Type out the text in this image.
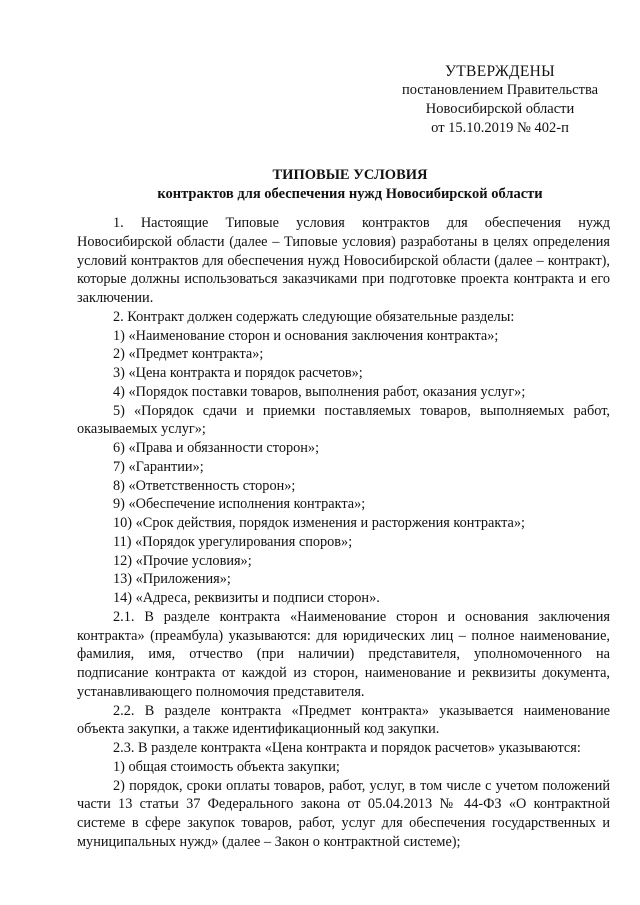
УТВЕРЖДЕНЫ
постановлением Правительства
Новосибирской области
от 15.10.2019 № 402-п
ТИПОВЫЕ УСЛОВИЯ
контрактов для обеспечения нужд Новосибирской области

1. Настоящие Типовые условия контрактов для обеспечения нужд Новосибирской области (далее – Типовые условия) разработаны в целях определения условий контрактов для обеспечения нужд Новосибирской области (далее – контракт), которые должны использоваться заказчиками при подготовке проекта контракта и его заключении.

2. Контракт должен содержать следующие обязательные разделы:

1) «Наименование сторон и основания заключения контракта»;

2) «Предмет контракта»;

3) «Цена контракта и порядок расчетов»;

4) «Порядок поставки товаров, выполнения работ, оказания услуг»;

5) «Порядок сдачи и приемки поставляемых товаров, выполняемых работ, оказываемых услуг»;

6) «Права и обязанности сторон»;

7) «Гарантии»;

8) «Ответственность сторон»;

9) «Обеспечение исполнения контракта»;

10) «Срок действия, порядок изменения и расторжения контракта»;

11) «Порядок урегулирования споров»;

12) «Прочие условия»;

13) «Приложения»;

14) «Адреса, реквизиты и подписи сторон».

2.1. В разделе контракта «Наименование сторон и основания заключения контракта» (преамбула) указываются: для юридических лиц – полное наименование, фамилия, имя, отчество (при наличии) представителя, уполномоченного на подписание контракта от каждой из сторон, наименование и реквизиты документа, устанавливающего полномочия представителя.

2.2. В разделе контракта «Предмет контракта» указывается наименование объекта закупки, а также идентификационный код закупки.

2.3. В разделе контракта «Цена контракта и порядок расчетов» указываются:

1) общая стоимость объекта закупки;

2) порядок, сроки оплаты товаров, работ, услуг, в том числе с учетом положений части 13 статьи 37 Федерального закона от 05.04.2013 № 44-ФЗ «О контрактной системе в сфере закупок товаров, работ, услуг для обеспечения государственных и муниципальных нужд» (далее – Закон о контрактной системе);
